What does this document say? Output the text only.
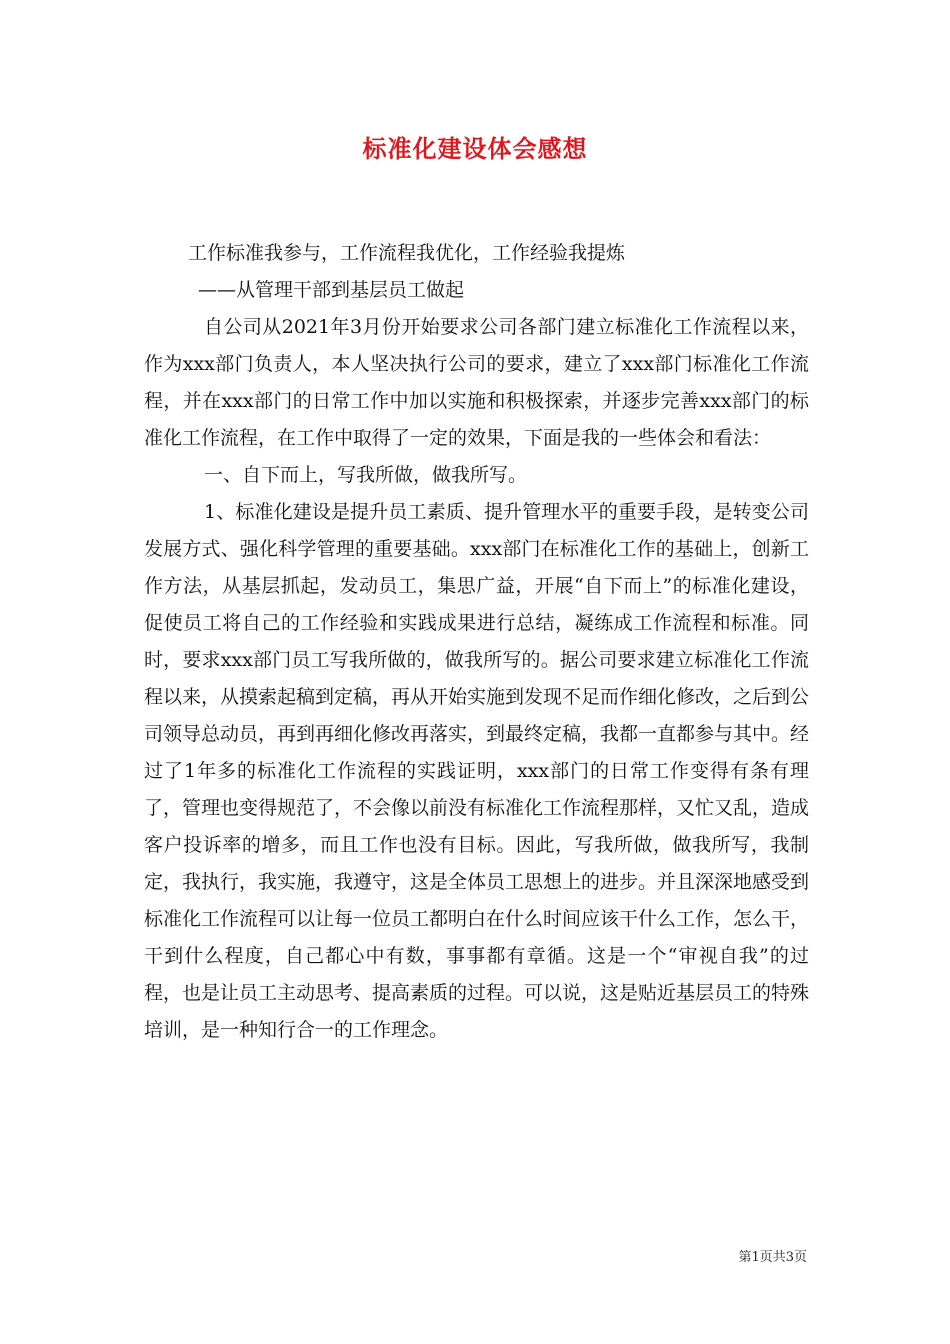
标准化建设体会感想

工作标准我参与，工作流程我优化，工作经验我提炼

——从管理干部到基层员工做起

自公司从2021年3月份开始要求公司各部门建立标准化工作流程以来，作为xxx部门负责人，本人坚决执行公司的要求，建立了xxx部门标准化工作流程，并在xxx部门的日常工作中加以实施和积极探索，并逐步完善xxx部门的标准化工作流程，在工作中取得了一定的效果，下面是我的一些体会和看法：

一、自下而上，写我所做，做我所写。

1、标准化建设是提升员工素质、提升管理水平的重要手段，是转变公司发展方式、强化科学管理的重要基础。xxx部门在标准化工作的基础上，创新工作方法，从基层抓起，发动员工，集思广益，开展“自下而上”的标准化建设，促使员工将自己的工作经验和实践成果进行总结，凝练成工作流程和标准。同时，要求xxx部门员工写我所做的，做我所写的。据公司要求建立标准化工作流程以来，从摸索起稿到定稿，再从开始实施到发现不足而作细化修改，之后到公司领导总动员，再到再细化修改再落实，到最终定稿，我都一直都参与其中。经过了1年多的标准化工作流程的实践证明，xxx部门的日常工作变得有条有理了，管理也变得规范了，不会像以前没有标准化工作流程那样，又忙又乱，造成客户投诉率的增多，而且工作也没有目标。因此，写我所做，做我所写，我制定，我执行，我实施，我遵守，这是全体员工思想上的进步。并且深深地感受到标准化工作流程可以让每一位员工都明白在什么时间应该干什么工作，怎么干，干到什么程度，自己都心中有数，事事都有章循。这是一个“审视自我”的过程，也是让员工主动思考、提高素质的过程。可以说，这是贴近基层员工的特殊培训，是一种知行合一的工作理念。

第1页共3页
